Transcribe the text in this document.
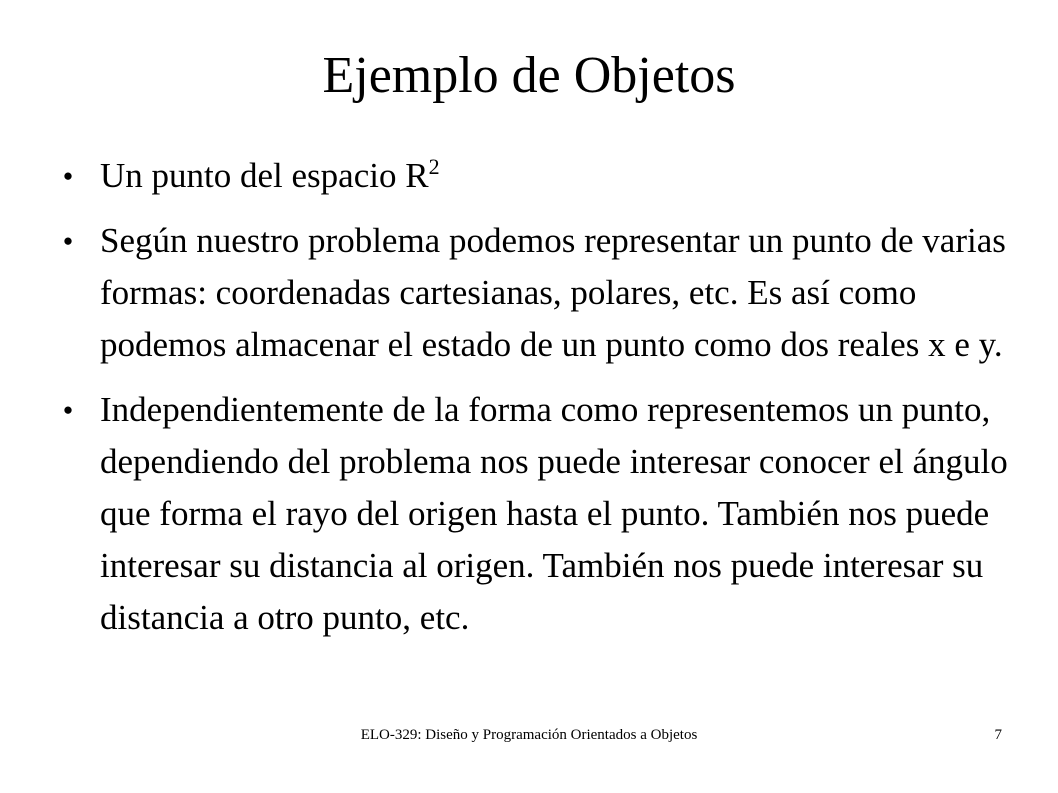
Ejemplo de Objetos
● Un punto del espacio $R^2$
● Según nuestro problema podemos representar un punto de varias formas: coordenadas cartesianas, polares, etc. Es así como podemos almacenar el estado de un punto como dos reales x e y.
● Independientemente de la forma como representemos un punto, dependiendo del problema nos puede interesar conocer el ángulo que forma el rayo del origen hasta el punto. También nos puede interesar su distancia al origen. También nos puede interesar su distancia a otro punto, etc.
ELO-329: Diseño y Programación Orientados a Objetos	7
